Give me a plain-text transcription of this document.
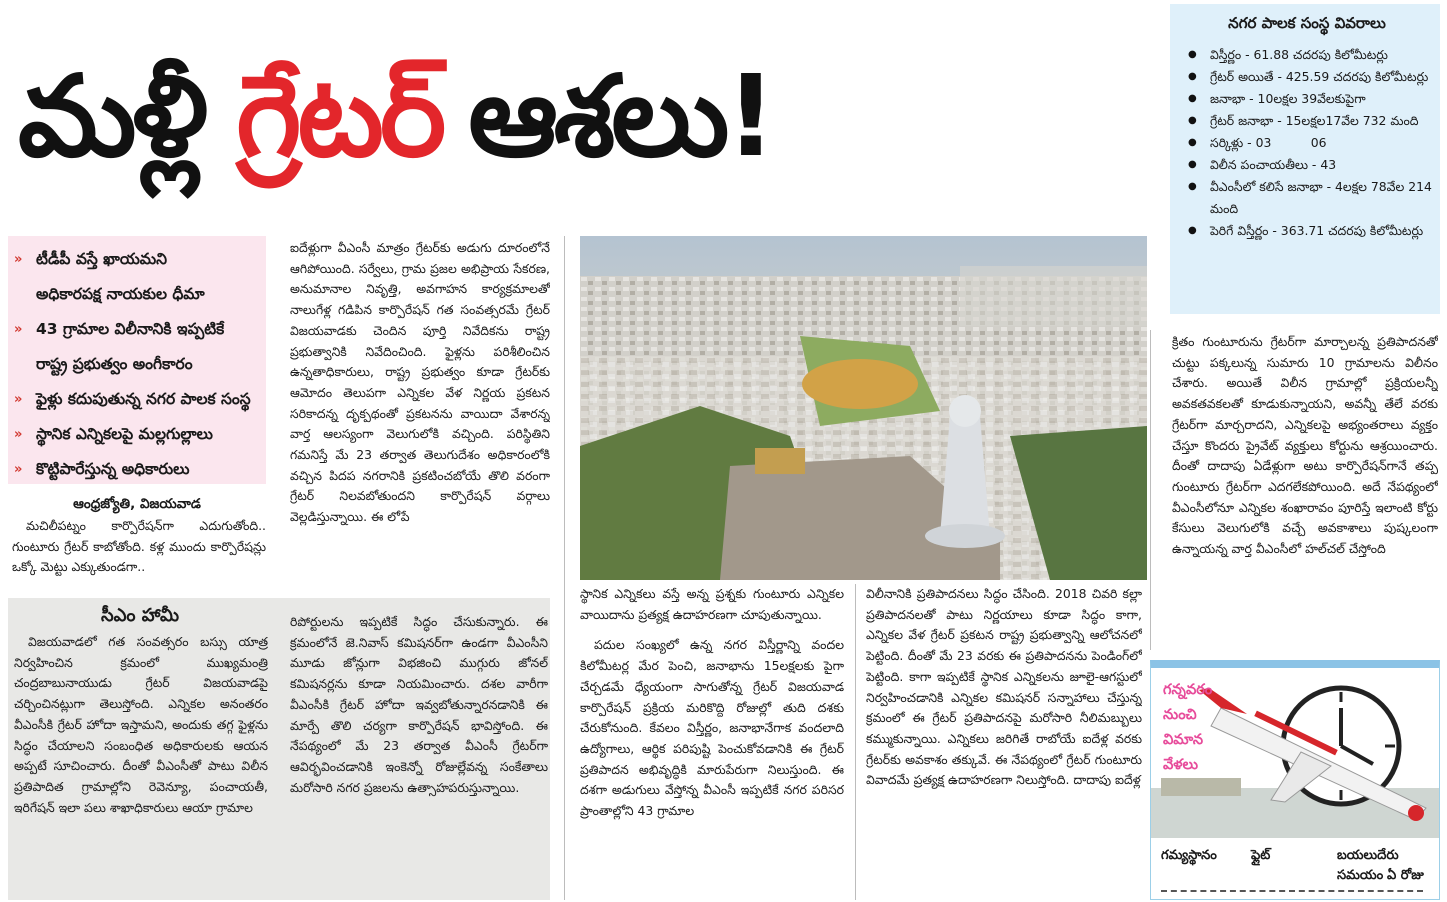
మళ్లీ గ్రేటర్ ఆశలు!
» టీడీపీ వస్తే ఖాయమని
అధికారపక్ష నాయకుల ధీమా
» 43 గ్రామాల విలీనానికి ఇప్పటికే
రాష్ట్ర ప్రభుత్వం అంగీకారం
» ఫైళ్లు కదుపుతున్న నగర పాలక సంస్థ
» స్థానిక ఎన్నికలపై మల్లగుల్లాలు
» కొట్టిపారేస్తున్న అధికారులు
ఆంధ్రజ్యోతి, విజయవాడ

మచిలీపట్నం కార్పొరేషన్‌గా ఎదుగుతోంది.. గుంటూరు గ్రేటర్ కాబోతోంది. కళ్ల ముందు కార్పొరేషన్లు ఒక్కో మెట్టు ఎక్కుతుండగా..

ఐదేళ్లుగా వీఎంసీ మాత్రం గ్రేటర్‌కు అడుగు దూరంలోనే ఆగిపోయింది. సర్వేలు, గ్రామ ప్రజల అభిప్రాయ సేకరణ, అనుమానాల నివృత్తి, అవగాహన కార్యక్రమాలతో నాలుగేళ్ల గడిపిన కార్పొరేషన్ గత సంవత్సరమే గ్రేటర్ విజయవాడకు చెందిన పూర్తి నివేదికను రాష్ట్ర ప్రభుత్వానికి నివేదించింది. ఫైళ్లను పరిశీలించిన ఉన్నతాధికారులు, రాష్ట్ర ప్రభుత్వం కూడా గ్రేటర్‌కు ఆమోదం తెలుపగా ఎన్నికల వేళ నిర్ణయ ప్రకటన సరికాదన్న దృక్పథంతో ప్రకటనను వాయిదా వేశారన్న వార్త ఆలస్యంగా వెలుగులోకి వచ్చింది. పరిస్థితిని గమనిస్తే మే 23 తర్వాత తెలుగుదేశం అధికారంలోకి వచ్చిన పిదప నగరానికి ప్రకటించబోయే తొలి వరంగా గ్రేటర్ నిలవబోతుందని కార్పొరేషన్ వర్గాలు వెల్లడిస్తున్నాయి. ఈ లోపే

సీఎం హామీ

విజయవాడలో గత సంవత్సరం బస్సు యాత్ర నిర్వహించిన క్రమంలో ముఖ్యమంత్రి చంద్రబాబునాయుడు గ్రేటర్ విజయవాడపై చర్చించినట్లుగా తెలుస్తోంది. ఎన్నికల అనంతరం వీఎంసీకి గ్రేటర్ హోదా ఇస్తామని, అందుకు తగ్గ ఫైళ్లను సిద్ధం చేయాలని సంబంధిత అధికారులకు ఆయన అప్పటే సూచించారు. దీంతో వీఎంసీతో పాటు విలీన ప్రతిపాదిత గ్రామాల్లోని రెవెన్యూ, పంచాయతీ, ఇరిగేషన్ ఇలా పలు శాఖాధికారులు ఆయా గ్రామాల

రిపోర్టులను ఇప్పటికే సిద్ధం చేసుకున్నారు. ఈ క్రమంలోనే జె.నివాస్ కమిషనర్‌గా ఉండగా వీఎంసీని మూడు జోన్లుగా విభజించి ముగ్గురు జోనల్ కమిషనర్లను కూడా నియమించారు. దశల వారీగా వీఎంసీకి గ్రేటర్ హోదా ఇవ్వబోతున్నారనడానికి ఈ మార్పే తొలి చర్యగా కార్పొరేషన్ భావిస్తోంది. ఈ నేపథ్యంలో మే 23 తర్వాత వీఎంసీ గ్రేటర్‌గా ఆవిర్భవించడానికి ఇంకెన్నో రోజుల్లేవన్న సంకేతాలు మరోసారి నగర ప్రజలను ఉత్సాహపరుస్తున్నాయి.

స్థానిక ఎన్నికలు వస్తే అన్న ప్రశ్నకు గుంటూరు ఎన్నికల వాయిదాను ప్రత్యక్ష ఉదాహరణగా చూపుతున్నాయి.

పదుల సంఖ్యలో ఉన్న నగర విస్తీర్ణాన్ని వందల కిలోమీటర్ల మేర పెంచి, జనాభాను 15లక్షలకు పైగా చేర్చడమే ధ్యేయంగా సాగుతోన్న గ్రేటర్ విజయవాడ కార్పొరేషన్ ప్రక్రియ మరికొద్ది రోజుల్లో తుది దశకు చేరుకోనుంది. కేవలం విస్తీర్ణం, జనాభానేగాక వందలాది ఉద్యోగాలు, ఆర్థిక పరిపుష్టి పెంచుకోవడానికి ఈ గ్రేటర్ ప్రతిపాదన అభివృద్ధికి మారుపేరుగా నిలుస్తుంది. ఈ దశగా అడుగులు వేస్తోన్న వీఎంసీ ఇప్పటికే నగర పరిసర ప్రాంతాల్లోని 43 గ్రామాల

విలీనానికి ప్రతిపాదనలు సిద్ధం చేసింది. 2018 చివరి కల్లా ప్రతిపాదనలతో పాటు నిర్ణయాలు కూడా సిద్ధం కాగా, ఎన్నికల వేళ గ్రేటర్ ప్రకటన రాష్ట్ర ప్రభుత్వాన్ని ఆలోచనలో పెట్టింది. దీంతో మే 23 వరకు ఈ ప్రతిపాదనను పెండింగ్‌లో పెట్టింది. కాగా ఇప్పటికే స్థానిక ఎన్నికలను జూలై-ఆగస్టులో నిర్వహించడానికి ఎన్నికల కమిషనర్ సన్నాహాలు చేస్తున్న క్రమంలో ఈ గ్రేటర్ ప్రతిపాదనపై మరోసారి నీలిమబ్బులు కమ్ముకున్నాయి. ఎన్నికలు జరిగితే రాబోయే ఐదేళ్ల వరకు గ్రేటర్‌కు అవకాశం తక్కువే. ఈ నేపథ్యంలో గ్రేటర్ గుంటూరు వివాదమే ప్రత్యక్ష ఉదాహరణగా నిలుస్తోంది. దాదాపు ఐదేళ్ల

నగర పాలక సంస్థ వివరాలు
● విస్తీర్ణం - 61.88 చదరపు కిలోమీటర్లు
● గ్రేటర్ అయితే - 425.59 చదరపు కిలోమీటర్లు
● జనాభా - 10లక్షల 39వేలకుపైగా
● గ్రేటర్ జనాభా - 15లక్షల17వేల 732 మంది
● సర్కిళ్లు - 03          06
● విలీన పంచాయతీలు - 43
● వీఎంసీలో కలిసే జనాభా - 4లక్షల 78వేల 214 మంది
● పెరిగే విస్తీర్ణం - 363.71 చదరపు కిలోమీటర్లు

క్రితం గుంటూరును గ్రేటర్‌గా మార్చాలన్న ప్రతిపాదనతో చుట్టు పక్కలున్న సుమారు 10 గ్రామాలను విలీనం చేశారు. అయితే విలీన గ్రామాల్లో ప్రక్రియలన్నీ అవకతవకలతో కూడుకున్నాయని, అవన్నీ తేలే వరకు గ్రేటర్‌గా మార్చరాదని, ఎన్నికలపై అభ్యంతరాలు వ్యక్తం చేస్తూ కొందరు ప్రైవేట్ వ్యక్తులు కోర్టును ఆశ్రయించారు. దీంతో దాదాపు ఏడేళ్లుగా అటు కార్పొరేషన్‌గానే తప్ప గుంటూరు గ్రేటర్‌గా ఎదగలేకపోయింది. అదే నేపథ్యంలో వీఎంసీలోనూ ఎన్నికల శంఖారావం పూరిస్తే ఇలాంటి కోర్టు కేసులు వెలుగులోకి వచ్చే అవకాశాలు పుష్కలంగా ఉన్నాయన్న వార్త వీఎంసీలో హల్‌చల్ చేస్తోంది

గన్నవరం
నుంచి
విమాన
వేళలు
గమ్యస్థానం	ఫ్లైట్	బయలుదేరు
సమయం ఏ రోజు
